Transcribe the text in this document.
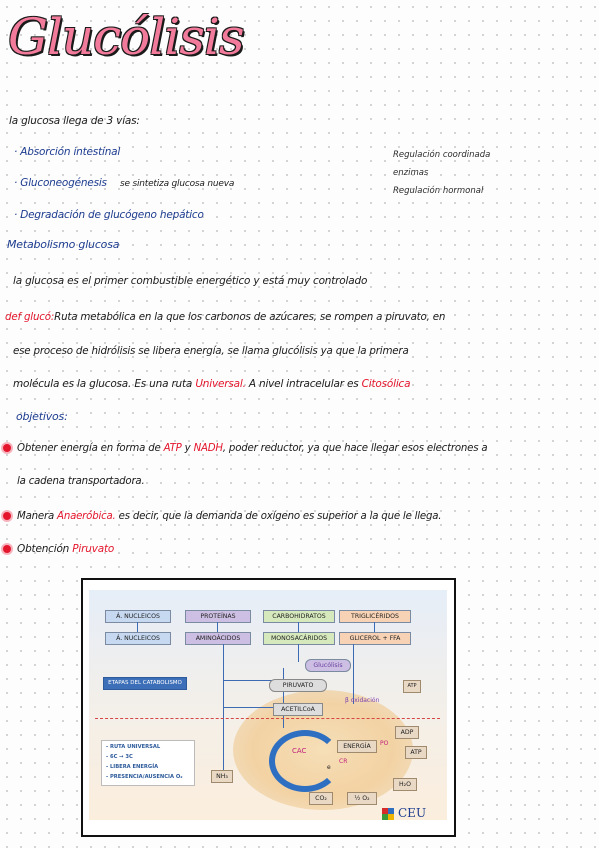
Glucólisis
la glucosa llega de 3 vías:
· Absorción intestinal
· Gluconeogénesis se sintetiza glucosa nueva
· Degradación de glucógeno hepático
Regulación coordinada
enzimas
Regulación hormonal
Metabolismo glucosa
la glucosa es el primer combustible energético y está muy controlado
def glucó:Ruta metabólica en la que los carbonos de azúcares, se rompen a piruvato, en
ese proceso de hidrólisis se libera energía, se llama glucólisis ya que la primera
molécula es la glucosa. Es una ruta Universal. A nivel intracelular es Citosólica
objetivos:
Obtener energía en forma de ATP y NADH, poder reductor, ya que hace llegar esos electrones a
la cadena transportadora.
Manera Anaeróbica. es decir, que la demanda de oxígeno es superior a la que le llega.
Obtención Piruvato
Á. NUCLEICOS	PROTEÍNAS	CARBOHIDRATOS	TRIGLICÉRIDOS
Á. NUCLEICOS	AMINOÁCIDOS	MONOSACÁRIDOS	GLICEROL + FFA
Glucólisis
ETAPAS DEL CATABOLISMO	ATP
PIRUVATO
β oxidación
ACETILCoA
CAC
ENERGÍA	PO
CR
e
ADP
ATP
H₂O
CO₂	½ O₂
NH₃
- RUTA UNIVERSAL
- 6C → 3C
- LIBERA ENERGÍA
- PRESENCIA/AUSENCIA O₂
CEU
